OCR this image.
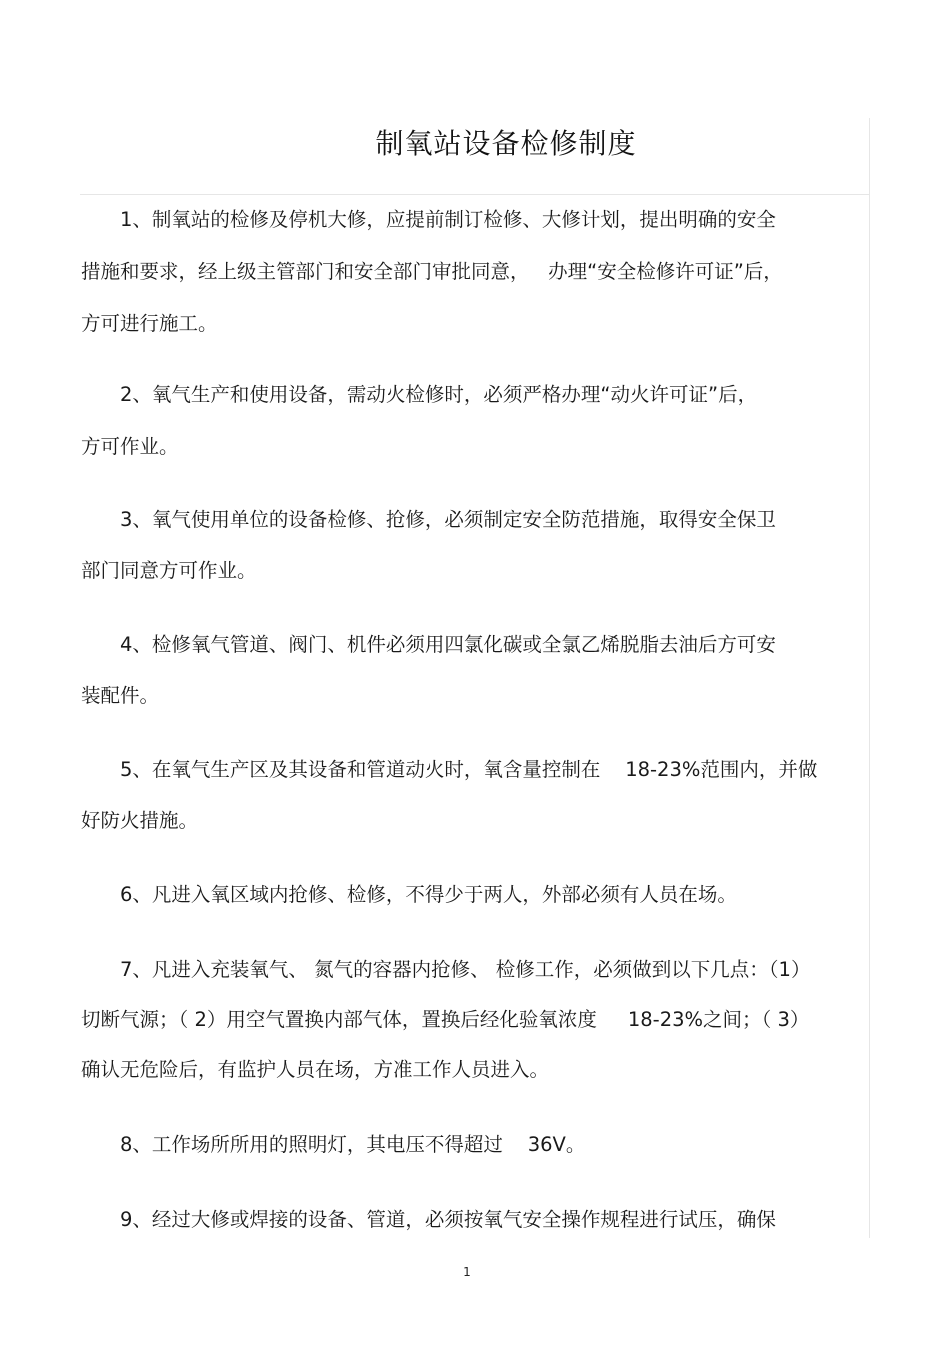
制氧站设备检修制度
1、制氧站的检修及停机大修，应提前制订检修、大修计划，提出明确的安全
措施和要求，经上级主管部门和安全部门审批同意，   办理“安全检修许可证”后，
方可进行施工。
2、氧气生产和使用设备，需动火检修时，必须严格办理“动火许可证”后，
方可作业。
3、氧气使用单位的设备检修、抢修，必须制定安全防范措施，取得安全保卫
部门同意方可作业。
4、检修氧气管道、阀门、机件必须用四氯化碳或全氯乙烯脱脂去油后方可安
装配件。
5、在氧气生产区及其设备和管道动火时，氧含量控制在    18-23%范围内，并做
好防火措施。
6、凡进入氧区域内抢修、检修，不得少于两人，外部必须有人员在场。
7、凡进入充装氧气、 氮气的容器内抢修、 检修工作，必须做到以下几点：（1）
切断气源；（ 2）用空气置换内部气体，置换后经化验氧浓度     18-23%之间；（ 3）
确认无危险后，有监护人员在场，方准工作人员进入。
8、工作场所所用的照明灯，其电压不得超过    36V。
9、经过大修或焊接的设备、管道，必须按氧气安全操作规程进行试压，确保
1
